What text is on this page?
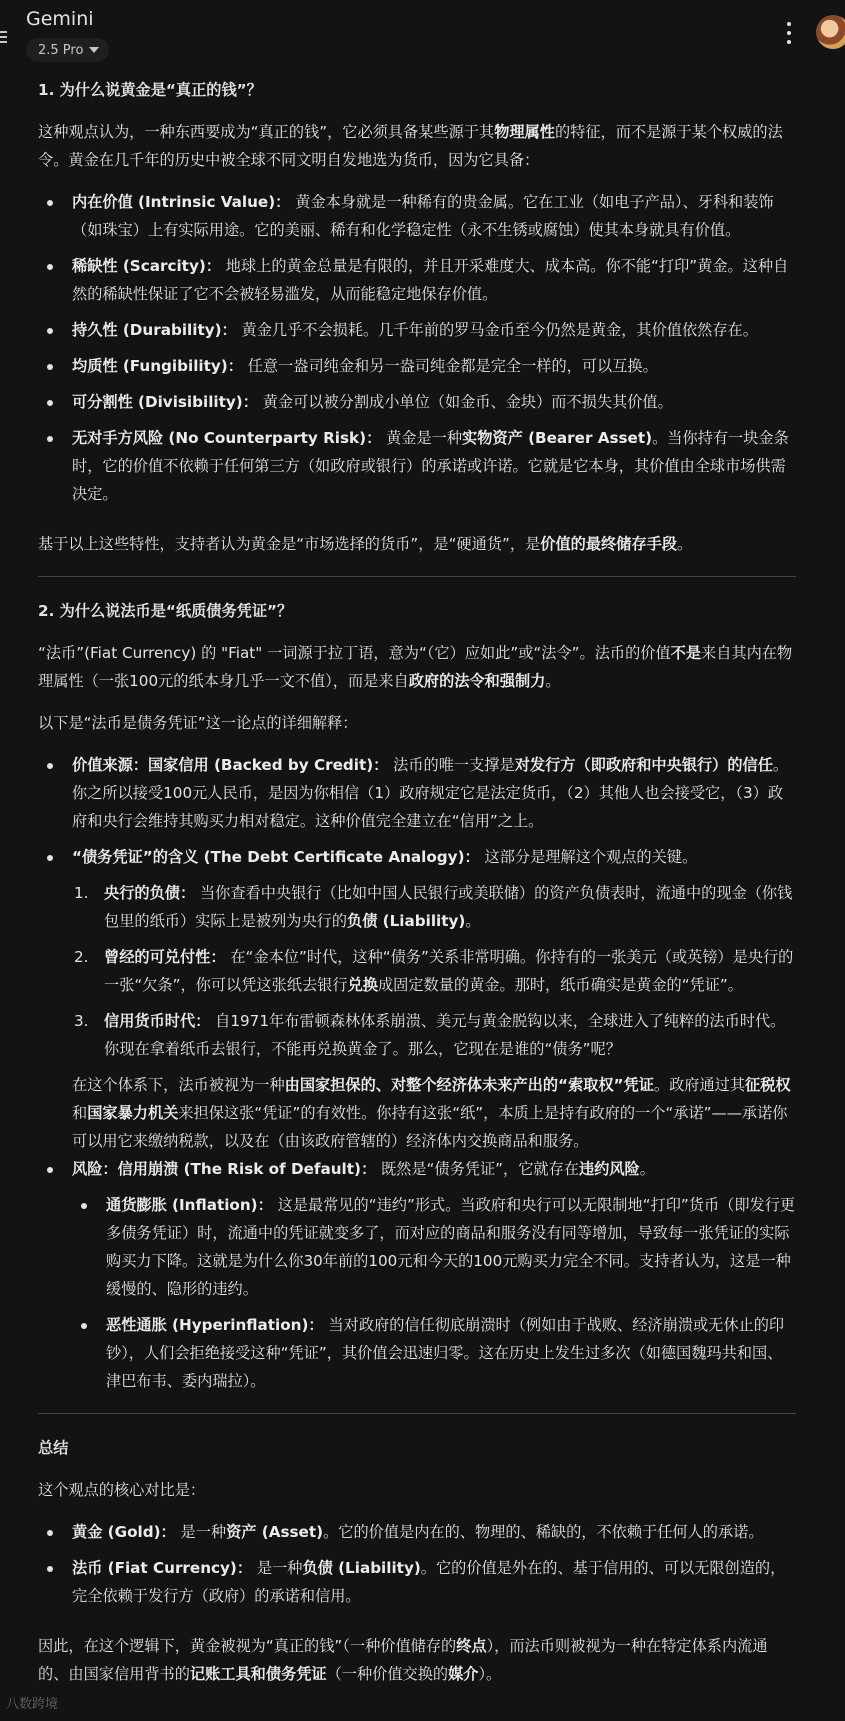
Gemini
2.5 Pro

1. 为什么说黄金是“真正的钱”？

这种观点认为，一种东西要成为“真正的钱”，它必须具备某些源于其物理属性的特征，而不是源于某个权威的法令。黄金在几千年的历史中被全球不同文明自发地选为货币，因为它具备：

内在价值 (Intrinsic Value)： 黄金本身就是一种稀有的贵金属。它在工业（如电子产品）、牙科和装饰（如珠宝）上有实际用途。它的美丽、稀有和化学稳定性（永不生锈或腐蚀）使其本身就具有价值。
稀缺性 (Scarcity)： 地球上的黄金总量是有限的，并且开采难度大、成本高。你不能“打印”黄金。这种自然的稀缺性保证了它不会被轻易滥发，从而能稳定地保存价值。
持久性 (Durability)： 黄金几乎不会损耗。几千年前的罗马金币至今仍然是黄金，其价值依然存在。
均质性 (Fungibility)： 任意一盎司纯金和另一盎司纯金都是完全一样的，可以互换。
可分割性 (Divisibility)： 黄金可以被分割成小单位（如金币、金块）而不损失其价值。
无对手方风险 (No Counterparty Risk)： 黄金是一种实物资产 (Bearer Asset)。当你持有一块金条时，它的价值不依赖于任何第三方（如政府或银行）的承诺或许诺。它就是它本身，其价值由全球市场供需决定。

基于以上这些特性，支持者认为黄金是“市场选择的货币”，是“硬通货”，是价值的最终储存手段。

2. 为什么说法币是“纸质债务凭证”？

“法币”(Fiat Currency) 的 "Fiat" 一词源于拉丁语，意为“（它）应如此”或“法令”。法币的价值不是来自其内在物理属性（一张100元的纸本身几乎一文不值），而是来自政府的法令和强制力。

以下是“法币是债务凭证”这一论点的详细解释：

价值来源：国家信用 (Backed by Credit)： 法币的唯一支撑是对发行方（即政府和中央银行）的信任。你之所以接受100元人民币，是因为你相信（1）政府规定它是法定货币，（2）其他人也会接受它，（3）政府和央行会维持其购买力相对稳定。这种价值完全建立在“信用”之上。
“债务凭证”的含义 (The Debt Certificate Analogy)： 这部分是理解这个观点的关键。
1. 央行的负债： 当你查看中央银行（比如中国人民银行或美联储）的资产负债表时，流通中的现金（你钱包里的纸币）实际上是被列为央行的负债 (Liability)。
2. 曾经的可兑付性： 在“金本位”时代，这种“债务”关系非常明确。你持有的一张美元（或英镑）是央行的一张“欠条”，你可以凭这张纸去银行兑换成固定数量的黄金。那时，纸币确实是黄金的“凭证”。
3. 信用货币时代： 自1971年布雷顿森林体系崩溃、美元与黄金脱钩以来，全球进入了纯粹的法币时代。你现在拿着纸币去银行，不能再兑换黄金了。那么，它现在是谁的“债务”呢？

在这个体系下，法币被视为一种由国家担保的、对整个经济体未来产出的“索取权”凭证。政府通过其征税权和国家暴力机关来担保这张“凭证”的有效性。你持有这张“纸”，本质上是持有政府的一个“承诺”——承诺你可以用它来缴纳税款，以及在（由该政府管辖的）经济体内交换商品和服务。

风险：信用崩溃 (The Risk of Default)： 既然是“债务凭证”，它就存在违约风险。
通货膨胀 (Inflation)： 这是最常见的“违约”形式。当政府和央行可以无限制地“打印”货币（即发行更多债务凭证）时，流通中的凭证就变多了，而对应的商品和服务没有同等增加，导致每一张凭证的实际购买力下降。这就是为什么你30年前的100元和今天的100元购买力完全不同。支持者认为，这是一种缓慢的、隐形的违约。
恶性通胀 (Hyperinflation)： 当对政府的信任彻底崩溃时（例如由于战败、经济崩溃或无休止的印钞），人们会拒绝接受这种“凭证”，其价值会迅速归零。这在历史上发生过多次（如德国魏玛共和国、津巴布韦、委内瑞拉）。

总结

这个观点的核心对比是：

黄金 (Gold)： 是一种资产 (Asset)。它的价值是内在的、物理的、稀缺的，不依赖于任何人的承诺。
法币 (Fiat Currency)： 是一种负债 (Liability)。它的价值是外在的、基于信用的、可以无限创造的，完全依赖于发行方（政府）的承诺和信用。

因此，在这个逻辑下，黄金被视为“真正的钱”（一种价值储存的终点），而法币则被视为一种在特定体系内流通的、由国家信用背书的记账工具和债务凭证（一种价值交换的媒介）。

八数跨境
